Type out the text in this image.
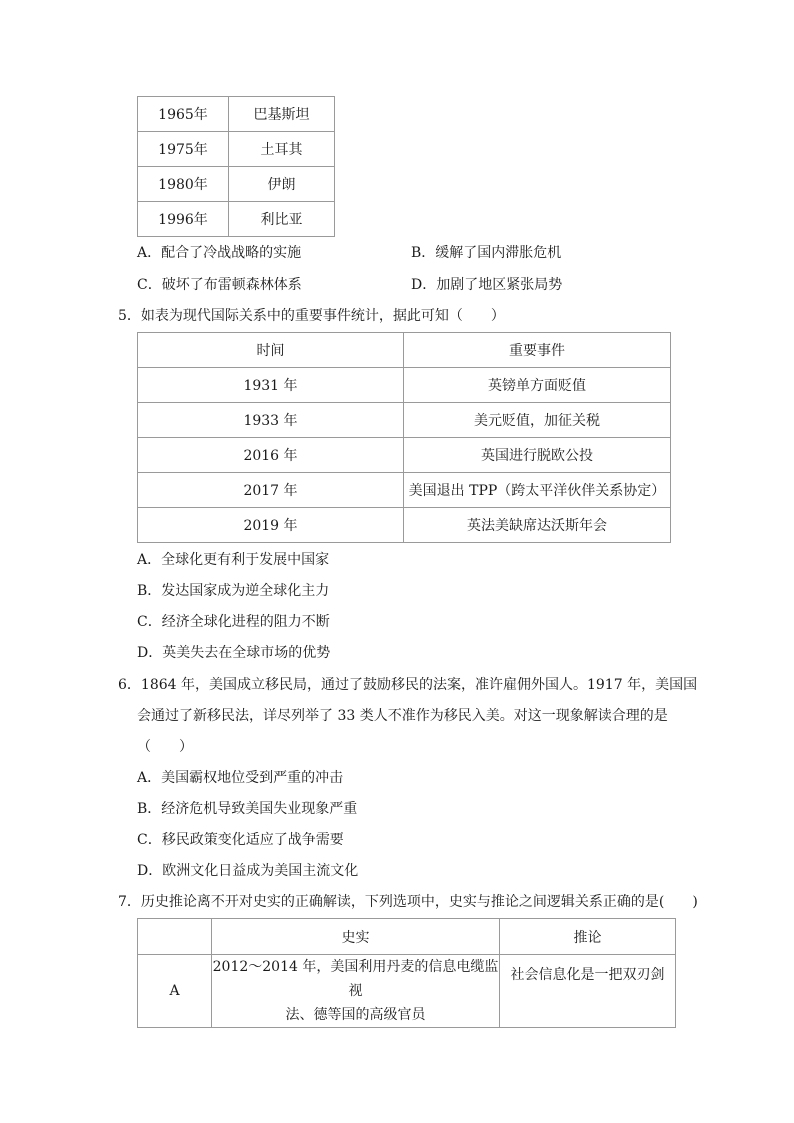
1965年	巴基斯坦
1975年	土耳其
1980年	伊朗
1996年	利比亚
A．配合了冷战战略的实施	B．缓解了国内滞胀危机
C．破坏了布雷顿森林体系	D．加剧了地区紧张局势
5．如表为现代国际关系中的重要事件统计，据此可知（　　）
时间	重要事件
1931 年	英镑单方面贬值
1933 年	美元贬值，加征关税
2016 年	英国进行脱欧公投
2017 年	美国退出 TPP（跨太平洋伙伴关系协定）
2019 年	英法美缺席达沃斯年会
A．全球化更有利于发展中国家
B．发达国家成为逆全球化主力
C．经济全球化进程的阻力不断
D．英美失去在全球市场的优势
6．1864 年，美国成立移民局，通过了鼓励移民的法案，准许雇佣外国人。1917 年，美国国
会通过了新移民法，详尽列举了 33 类人不准作为移民入美。对这一现象解读合理的是
（　　）
A．美国霸权地位受到严重的冲击
B．经济危机导致美国失业现象严重
C．移民政策变化适应了战争需要
D．欧洲文化日益成为美国主流文化
7．历史推论离不开对史实的正确解读，下列选项中，史实与推论之间逻辑关系正确的是(　　)
	史实	推论
A	2012～2014 年，美国利用丹麦的信息电缆监视
法、德等国的高级官员	社会信息化是一把双刃剑
